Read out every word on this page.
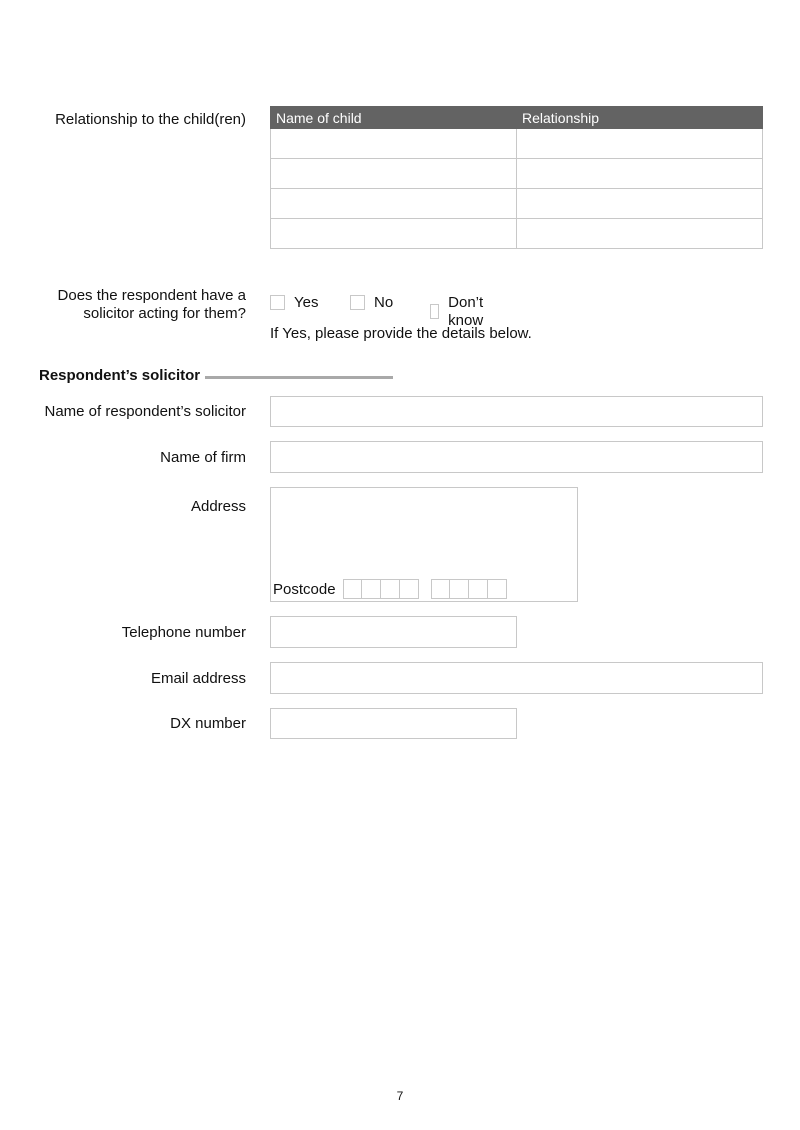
Relationship to the child(ren) Name of child	Relationship

Does the respondent have a
solicitor acting for them?
Yes	No	Don’t know
If Yes, please provide the details below.
Respondent’s solicitor
Name of respondent’s solicitor
Name of firm
Address
Postcode
Telephone number
Email address
DX number
7
